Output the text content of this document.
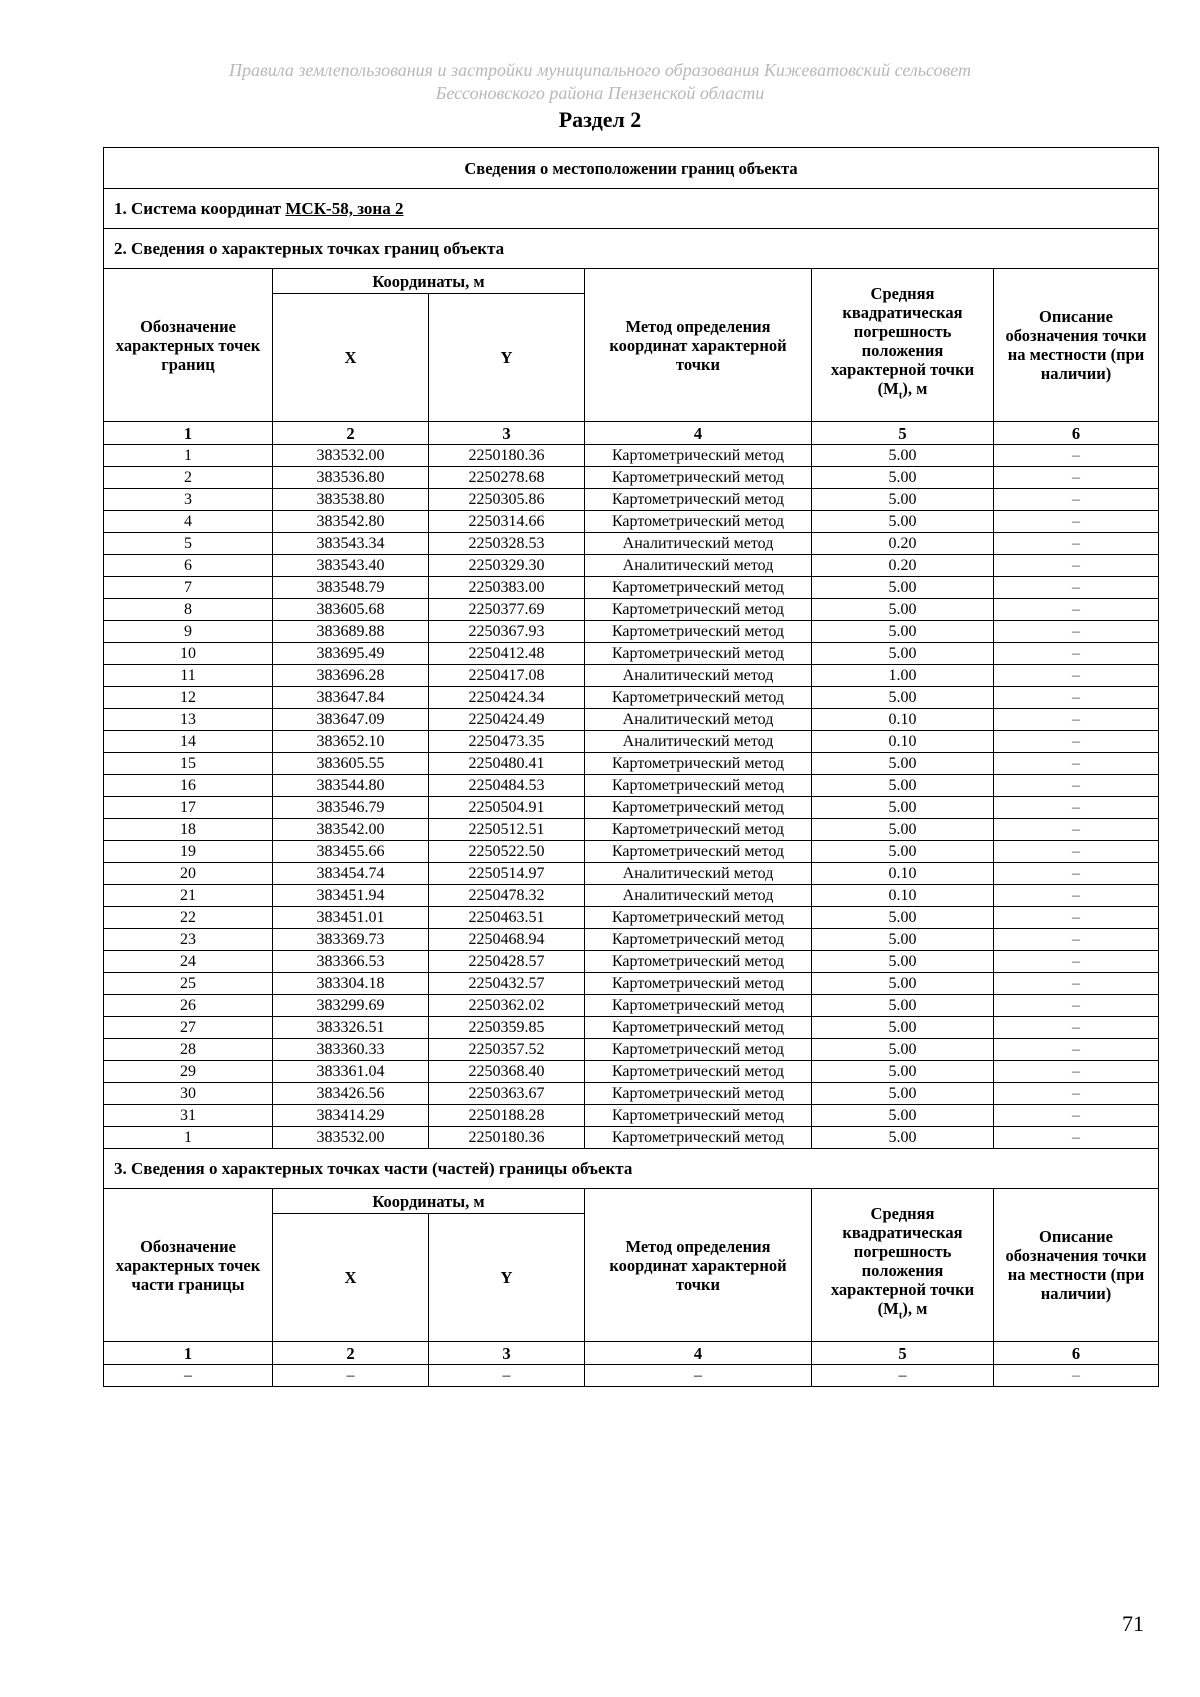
Правила землепользования и застройки муниципального образования Кижеватовский сельсовет
Бессоновского района Пензенской области
Раздел 2
Сведения о местоположении границ объекта					
1. Система координат МСК-58, зона 2					
2. Сведения о характерных точках границ объекта					
Обозначение характерных точек границ	Координаты, м		Метод определения координат характерной точки	Средняя квадратическая погрешность положения характерной точки $(M_t)$, м	Описание обозначения точки на местности (при наличии)
	X	Y			
1	2	3	4	5	6
1	383532.00	2250180.36	Картометрический метод	5.00	–
2	383536.80	2250278.68	Картометрический метод	5.00	–
3	383538.80	2250305.86	Картометрический метод	5.00	–
4	383542.80	2250314.66	Картометрический метод	5.00	–
5	383543.34	2250328.53	Аналитический метод	0.20	–
6	383543.40	2250329.30	Аналитический метод	0.20	–
7	383548.79	2250383.00	Картометрический метод	5.00	–
8	383605.68	2250377.69	Картометрический метод	5.00	–
9	383689.88	2250367.93	Картометрический метод	5.00	–
10	383695.49	2250412.48	Картометрический метод	5.00	–
11	383696.28	2250417.08	Аналитический метод	1.00	–
12	383647.84	2250424.34	Картометрический метод	5.00	–
13	383647.09	2250424.49	Аналитический метод	0.10	–
14	383652.10	2250473.35	Аналитический метод	0.10	–
15	383605.55	2250480.41	Картометрический метод	5.00	–
16	383544.80	2250484.53	Картометрический метод	5.00	–
17	383546.79	2250504.91	Картометрический метод	5.00	–
18	383542.00	2250512.51	Картометрический метод	5.00	–
19	383455.66	2250522.50	Картометрический метод	5.00	–
20	383454.74	2250514.97	Аналитический метод	0.10	–
21	383451.94	2250478.32	Аналитический метод	0.10	–
22	383451.01	2250463.51	Картометрический метод	5.00	–
23	383369.73	2250468.94	Картометрический метод	5.00	–
24	383366.53	2250428.57	Картометрический метод	5.00	–
25	383304.18	2250432.57	Картометрический метод	5.00	–
26	383299.69	2250362.02	Картометрический метод	5.00	–
27	383326.51	2250359.85	Картометрический метод	5.00	–
28	383360.33	2250357.52	Картометрический метод	5.00	–
29	383361.04	2250368.40	Картометрический метод	5.00	–
30	383426.56	2250363.67	Картометрический метод	5.00	–
31	383414.29	2250188.28	Картометрический метод	5.00	–
1	383532.00	2250180.36	Картометрический метод	5.00	–
3. Сведения о характерных точках части (частей) границы объекта					
Обозначение характерных точек части границы	Координаты, м		Метод определения координат характерной точки	Средняя квадратическая погрешность положения характерной точки $(M_t)$, м	Описание обозначения точки на местности (при наличии)
	X	Y			
1	2	3	4	5	6
–	–	–	–	–	–
71
